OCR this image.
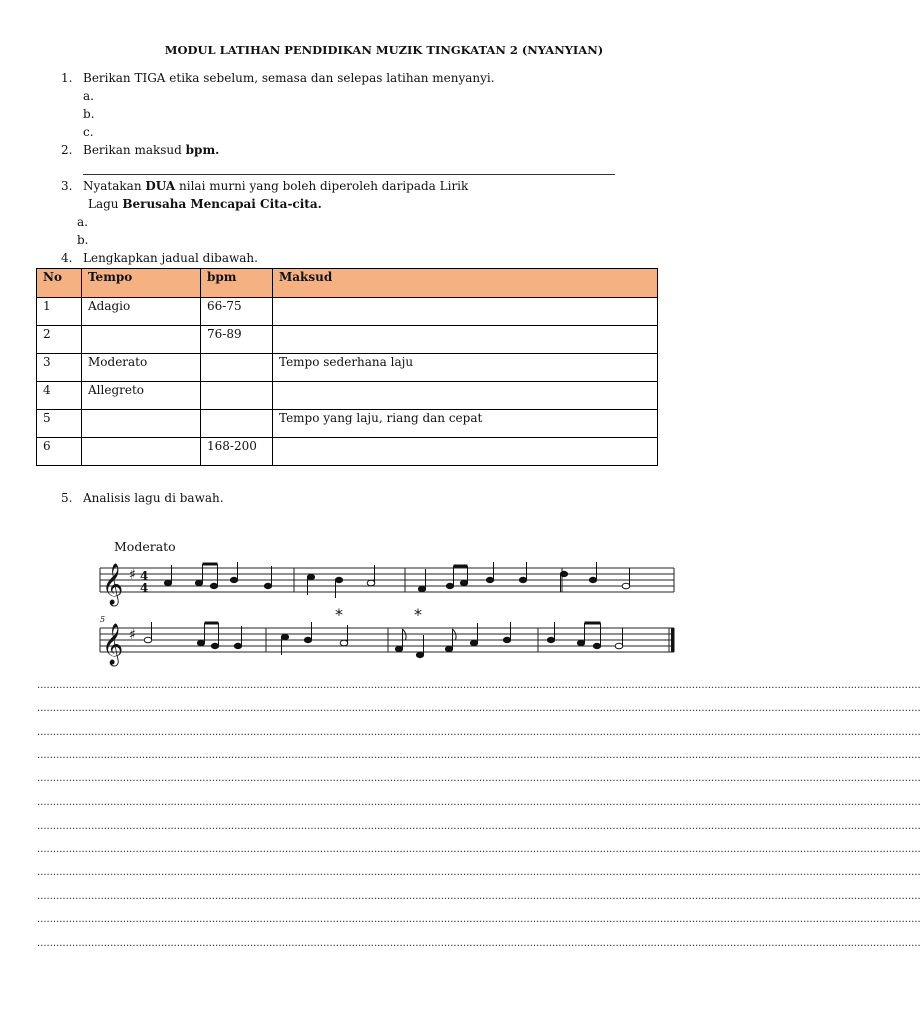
MODUL LATIHAN PENDIDIKAN MUZIK TINGKATAN 2 (NYANYIAN)
1. Berikan TIGA etika sebelum, semasa dan selepas latihan menyanyi.
a.
b.
c.
2. Berikan maksud bpm.
3. Nyatakan DUA nilai murni yang boleh diperoleh daripada Lirik
Lagu Berusaha Mencapai Cita-cita.
a.
b.
4. Lengkapkan jadual dibawah.
No	Tempo	bpm	Maksud
1	Adagio	66-75	
2		76-89	
3	Moderato		Tempo sederhana laju
4	Allegreto		
5			Tempo yang laju, riang dan cepat
6		168-200	
5. Analisis lagu di bawah.
Moderato
𝄞
𝄞
♯
♯
4
4
5	*	*
......................................................................................................................................................................................................................................................................................
......................................................................................................................................................................................................................................................................................
......................................................................................................................................................................................................................................................................................
......................................................................................................................................................................................................................................................................................
......................................................................................................................................................................................................................................................................................
......................................................................................................................................................................................................................................................................................
......................................................................................................................................................................................................................................................................................
......................................................................................................................................................................................................................................................................................
......................................................................................................................................................................................................................................................................................
......................................................................................................................................................................................................................................................................................
......................................................................................................................................................................................................................................................................................
......................................................................................................................................................................................................................................................................................
